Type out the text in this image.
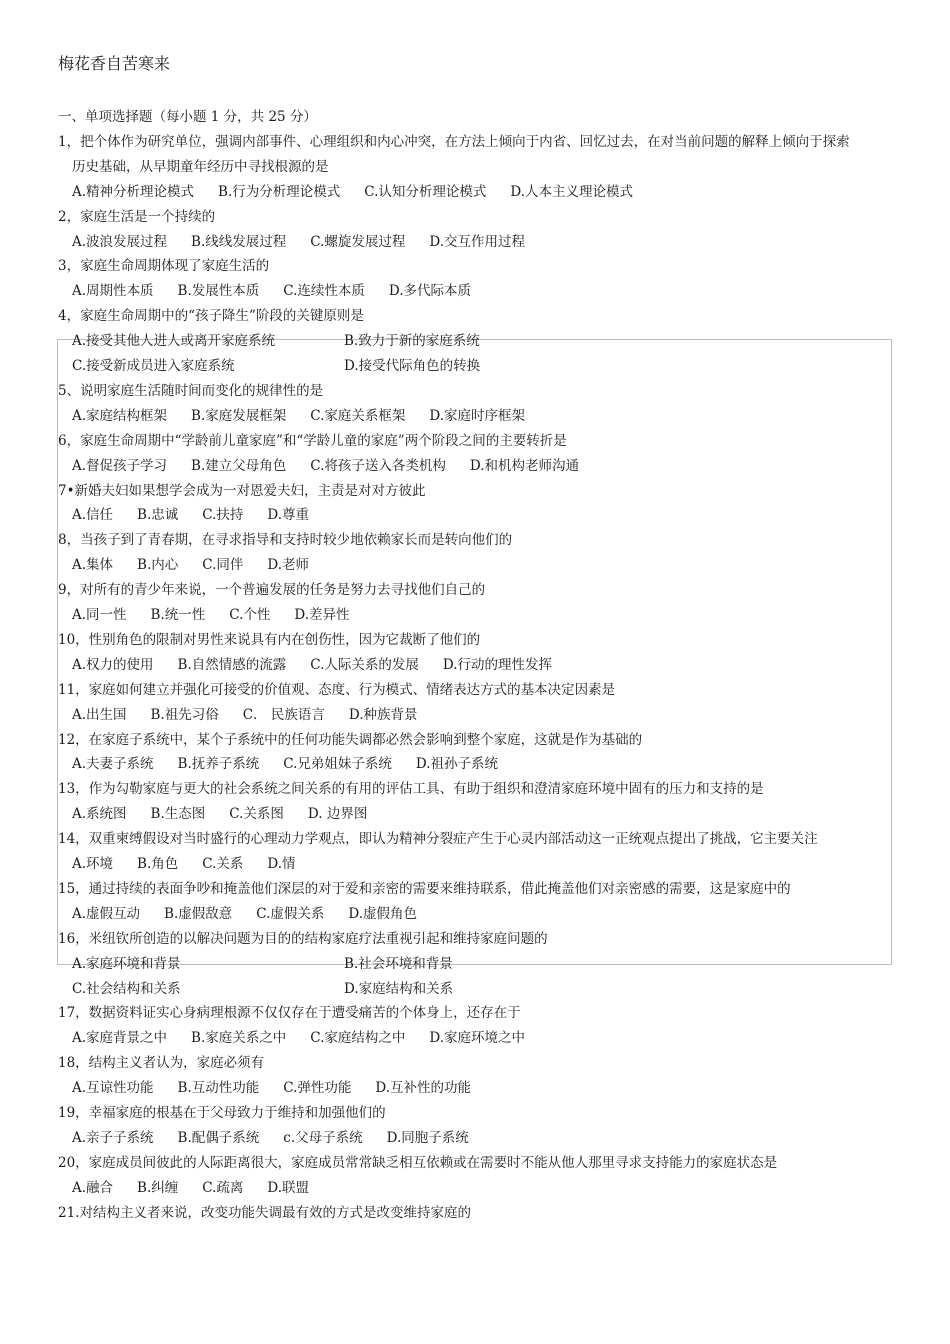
梅花香自苦寒来
一、单项选择题（每小题 1 分，共 25 分）
1，把个体作为研究单位，强调内部事件、心理组织和内心冲突，在方法上倾向于内省、回忆过去，在对当前问题的解释上倾向于探索
历史基础，从早期童年经历中寻找根源的是
A.精神分析理论模式 B.行为分析理论模式 C.认知分析理论模式 D.人本主义理论模式
2，家庭生活是一个持续的
A.波浪发展过程 B.线线发展过程 C.螺旋发展过程 D.交互作用过程
3，家庭生命周期体现了家庭生活的
A.周期性本质 B.发展性本质 C.连续性本质 D.多代际本质
4，家庭生命周期中的“孩子降生”阶段的关键原则是
A.接受其他人进人或离开家庭系统	B.致力于新的家庭系统
C.接受新成员进入家庭系统	D.接受代际角色的转换
5、说明家庭生活随时间而变化的规律性的是
A.家庭结构框架 B.家庭发展框架 C.家庭关系框架 D.家庭时序框架
6，家庭生命周期中“学龄前儿童家庭”和“学龄儿童的家庭”两个阶段之间的主要转折是
A.督促孩子学习 B.建立父母角色 C.将孩子送入各类机构 D.和机构老师沟通
7•新婚夫妇如果想学会成为一对恩爱夫妇，主责是对对方彼此
A.信任 B.忠诚 C.扶持 D.尊重
8，当孩子到了青春期，在寻求指导和支持时较少地依赖家长而是转向他们的
A.集体 B.内心 C.同伴 D.老师
9，对所有的青少年来说，一个普遍发展的任务是努力去寻找他们自己的
A.同一性 B.统一性 C.个性 D.差异性
10，性别角色的限制对男性来说具有内在创伤性，因为它裁断了他们的
A.权力的使用 B.自然情感的流露 C.人际关系的发展 D.行动的理性发挥
11，家庭如何建立并强化可接受的价值观、态度、行为模式、情绪表达方式的基本决定因素是
A.出生国 B.祖先习俗 C． 民族语言 D.种族背景
12，在家庭子系统中，某个子系统中的任何功能失调都必然会影响到整个家庭，这就是作为基础的
A.夫妻子系统 B.抚养子系统 C.兄弟姐妹子系统 D.祖孙子系统
13，作为勾勒家庭与更大的社会系统之间关系的有用的评估工具、有助于组织和澄清家庭环境中固有的压力和支持的是
A.系统图 B.生态图 C.关系图 D. 边界图
14，双重柬缚假设对当时盛行的心理动力学观点，即认为精神分裂症产生于心灵内部活动这一正统观点提出了挑战，它主要关注
A.环境 B.角色 C.关系 D.情
15，通过持续的表面争吵和掩盖他们深层的对于爱和亲密的需要来维持联系，借此掩盖他们对亲密感的需要，这是家庭中的
A.虚假互动 B.虚假敌意 C.虚假关系 D.虚假角色
16，米纽钦所创造的以解决问题为目的的结构家庭疗法重视引起和维持家庭问题的
A.家庭环境和背景	B.社会环境和背景
C.社会结构和关系	D.家庭结构和关系
17，数据资料证实心身病理根源不仅仅存在于遭受痛苦的个体身上，还存在于
A.家庭背景之中 B.家庭关系之中 C.家庭结构之中 D.家庭环境之中
18，结构主义者认为，家庭必须有
A.互谅性功能 B.互动性功能 C.弹性功能 D.互补性的功能
19，幸福家庭的根基在于父母致力于维持和加强他们的
A.亲子子系统 B.配偶子系统 c.父母子系统 D.同胞子系统
20，家庭成员间彼此的人际距离很大，家庭成员常常缺乏相互依赖或在需要时不能从他人那里寻求支持能力的家庭状态是
A.融合 B.纠缠 C.疏离 D.联盟
21.对结构主义者来说，改变功能失调最有效的方式是改变维持家庭的
